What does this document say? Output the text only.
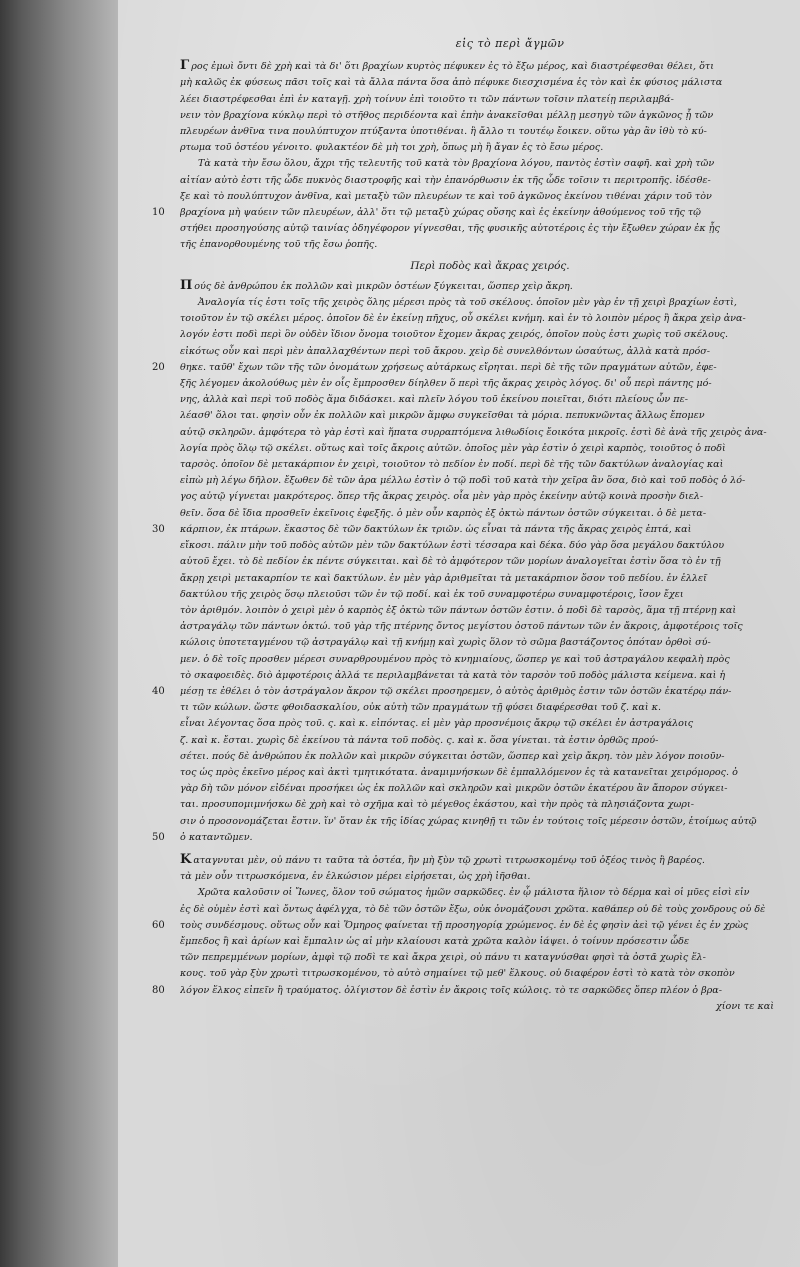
εἰς τὸ περὶ ἄγμῶν
Γ ρος ἐμωὶ ὄντι δὲ χρὴ καὶ τὰ δι' ὅτι βραχίων κυρτὸς πέφυκεν ἐς τὸ ἔξω μέρος, καὶ διαστρέφεσθαι θέλει, ὅτι
μὴ καλῶς ἐκ φύσεως πᾶσι τοῖς καὶ τὰ ἄλλα πάντα ὅσα ἀπὸ πέφυκε διεσχισμένα ἐς τὸν καὶ ἐκ φύσιος μάλιστα
λέει διαστρέφεσθαι ἐπὶ ἐν καταγῇ. χρὴ τοίνυν ἐπὶ τοιοῦτο τι τῶν πάντων τοῖσιν πλατείῃ περιλαμβά-
νειν τὸν βραχίονα κύκλῳ περὶ τὸ στῆθος περιδέοντα καὶ ἐπὴν ἀνακεῖσθαι μέλλῃ μεσηγὺ τῶν ἀγκῶνος ᾗ τῶν
πλευρέων ἀνθῖνα τινα πουλύπτυχον πτύξαντα ὑποτιθέναι. ἢ ἄλλο τι τουτέῳ ἔοικεν. οὕτω γὰρ ἂν ἰθὺ τὸ κύ-
ρτωμα τοῦ ὀστέου γένοιτο. φυλακτέον δὲ μὴ τοι χρὴ, ὅπως μὴ ἢ ἄγαν ἐς τὸ ἔσω μέρος.
Τὰ κατὰ τὴν ἔσω ὅλου, ἄχρι τῆς τελευτῆς τοῦ κατὰ τὸν βραχίονα λόγου, παντὸς ἐστὶν σαφῆ. καὶ χρὴ τῶν
αἰτίαν αὐτὸ ἐστι τῆς ὧδε πυκνὸς διαστροφῆς καὶ τὴν ἐπανόρθωσιν ἐκ τῆς ὧδε τοῖσιν τι περιτροπῆς. ἰδέσθε-
ξε καὶ τὸ πουλύπτυχον ἀνθῖνα, καὶ μεταξὺ τῶν πλευρέων τε καὶ τοῦ ἀγκῶνος ἐκείνου τιθέναι χάριν τοῦ τὸν
10 βραχίονα μὴ ψαύειν τῶν πλευρέων, ἀλλ' ὅτι τῷ μεταξὺ χώρας οὔσης καὶ ἐς ἐκείνην ἀθούμενος τοῦ τῆς τῷ
στήθει προσηγούσης αὐτῷ ταινίας ὁδηγέφορον γίγνεσθαι, τῆς φυσικῆς αὐτοτέροις ἐς τὴν ἔξωθεν χώραν ἐκ ᾗς
τῆς ἐπανορθουμένης τοῦ τῆς ἔσω ῥοπῆς.
Περὶ ποδὸς καὶ ἄκρας χειρός.
Π ούς δὲ ἀνθρώπου ἐκ πολλῶν καὶ μικρῶν ὀστέων ξύγκειται, ὥσπερ χεὶρ ἄκρη.
Ἀναλογία τίς ἐστι τοῖς τῆς χειρὸς ὅλης μέρεσι πρὸς τὰ τοῦ σκέλους. ὁποῖον μὲν γὰρ ἐν τῇ χειρὶ βραχίων ἐστὶ,
τοιοῦτον ἐν τῷ σκέλει μέρος. ὁποῖον δὲ ἐν ἐκείνῃ πῆχυς, οὗ σκέλει κνήμη. καὶ ἐν τὸ λοιπὸν μέρος ἢ ἄκρα χεὶρ ἀνα-
λογόν ἐστι ποδὶ περὶ ὃν οὐδὲν ἴδιον ὄνομα τοιοῦτον ἔχομεν ἄκρας χειρός, ὁποῖον ποὺς ἐστι χωρὶς τοῦ σκέλους.
εἰκότως οὖν καὶ περὶ μὲν ἀπαλλαχθέντων περὶ τοῦ ἄκρου. χεὶρ δὲ συνελθόντων ὡσαύτως, ἀλλὰ κατὰ πρόσ-
20 θηκε. ταῦθ' ἔχων τῶν τῆς τῶν ὀνομάτων χρήσεως αὐτάρκως εἴρηται. περὶ δὲ τῆς τῶν πραγμάτων αὐτῶν, ἐφε-
ξῆς λέγομεν ἀκολούθως μὲν ἐν οἷς ἔμπροσθεν δίηλθεν ὅ περὶ τῆς ἄκρας χειρὸς λόγος. δι' οὗ περὶ πάντης μό-
νης, ἀλλὰ καὶ περὶ τοῦ ποδὸς ἅμα διδάσκει. καὶ πλεῖν λόγου τοῦ ἐκείνου ποιεῖται, διότι πλείους ὧν πε-
λέασθ' ὅλοι ται. φησὶν οὖν ἐκ πολλῶν καὶ μικρῶν ἅμφω συγκεῖσθαι τὰ μόρια. πεπυκνῶντας ἄλλως ἔπομεν
αὐτῷ σκληρῶν. ἀμφότερα τὸ γὰρ ἐστὶ καὶ ἥπατα συρραπτόμενα λιθωδίοις ἔοικότα μικροῖς. ἐστὶ δὲ ἀνὰ τῆς χειρὸς ἀνα-
λογία πρὸς ὅλῳ τῷ σκέλει. οὕτως καὶ τοῖς ἄκροις αὐτῶν. ὁποῖος μὲν γὰρ ἐστὶν ὁ χειρὶ καρπὸς, τοιοῦτος ὁ ποδὶ
ταρσὸς. ὁποῖον δὲ μετακάρπιον ἐν χειρὶ, τοιοῦτον τὸ πεδίον ἐν ποδί. περὶ δὲ τῆς τῶν δακτύλων ἀναλογίας καὶ
εἰπὼ μὴ λέγω δῆλον. ἔξωθεν δὲ τῶν ἀρα μέλλω ἐστὶν ὁ τῷ ποδὶ τοῦ κατὰ τὴν χεῖρα ἂν ὅσα, διὸ καὶ τοῦ ποδὸς ὁ λό-
γος αὐτῷ γίγνεται μακρότερος. ὅπερ τῆς ἄκρας χειρὸς. οἷα μὲν γὰρ πρὸς ἐκείνην αὐτῷ κοινὰ προσὴν διελ-
θεῖν. ὅσα δὲ ἴδια προσθεῖν ἐκεῖνοις ἐφεξῆς. ὁ μὲν οὖν καρπὸς ἐξ ὀκτὼ πάντων ὀστῶν σύγκειται. ὁ δὲ μετα-
30 κάρπιον, ἐκ πτάρων. ἕκαστος δὲ τῶν δακτύλων ἐκ τριῶν. ὡς εἶναι τὰ πάντα τῆς ἄκρας χειρὸς ἑπτά, καὶ
εἴκοσι. πάλιν μὴν τοῦ ποδὸς αὐτῶν μὲν τῶν δακτύλων ἐστὶ τέσσαρα καὶ δέκα. δύο γὰρ ὅσα μεγάλου δακτύλου
αὐτοῦ ἔχει. τὸ δὲ πεδίον ἐκ πέντε σύγκειται. καὶ δὲ τὸ ἀμφότερον τῶν μορίων ἀναλογεῖται ἐστὶν ὅσα τὸ ἐν τῇ
ἄκρῃ χειρὶ μετακαρπίον τε καὶ δακτύλων. ἐν μὲν γὰρ ἀριθμεῖται τὰ μετακάρπιον ὅσον τοῦ πεδίου. ἐν ἐλλεῖ
δακτύλου τῆς χειρὸς ὅσῳ πλειοῦσι τῶν ἐν τῷ ποδί. καὶ ἐκ τοῦ συναμφοτέρω συναμφοτέροις, ἴσον ἔχει
τὸν ἀριθμόν. λοιπὸν ὁ χειρὶ μὲν ὁ καρπὸς ἐξ ὀκτὼ τῶν πάντων ὀστῶν ἐστιν. ὁ ποδὶ δὲ ταρσὸς, ἅμα τῇ πτέρνῃ καὶ
ἀστραγάλῳ τῶν πάντων ὀκτώ. τοῦ γὰρ τῆς πτέρνης ὄντος μεγίστου ὀστοῦ πάντων τῶν ἐν ἄκροις, ἀμφοτέροις τοῖς
κώλοις ὑποτεταγμένου τῷ ἀστραγάλῳ καὶ τῇ κνήμῃ καὶ χωρὶς ὅλον τὸ σῶμα βαστάζοντος ὁπόταν ὀρθοὶ σύ-
μεν. ὁ δὲ τοῖς προσθεν μέρεσι συναρθρουμένου πρὸς τὸ κνημιαίους, ὥσπερ γε καὶ τοῦ ἀστραγάλου κεφαλὴ πρὸς
τὸ σκαφοειδὲς. διὸ ἀμφοτέροις ἀλλά τε περιλαμβάνεται τὰ κατὰ τὸν ταρσὸν τοῦ ποδὸς μάλιστα κείμενα. καὶ ἡ
40 μέσῃ τε ἐθέλει ὁ τὸν ἀστράγαλον ἄκρον τῷ σκέλει προσηρεμεν, ὁ αὐτὸς ἀριθμὸς ἐστιν τῶν ὀστῶν ἐκατέρῳ πάν-
τι τῶν κώλων. ὥστε φθοιδασκαλίου, οὐκ αὐτὴ τῶν πραγμάτων τῇ φύσει διαφέρεσθαι τοῦ ζ. καὶ κ.
εἶναι λέγοντας ὅσα πρὸς τοῦ. ς. καὶ κ. εἰπόντας. εἰ μὲν γὰρ προσνέμοις ἄκρῳ τῷ σκέλει ἐν ἀστραγάλοις
ζ. καὶ κ. ἔσται. χωρὶς δὲ ἐκείνου τὰ πάντα τοῦ ποδὸς. ς. καὶ κ. ὅσα γίνεται. τὰ ἐστιν ὀρθῶς πρού-
σέτει. πούς δὲ ἀνθρώπου ἐκ πολλῶν καὶ μικρῶν σύγκειται ὀστῶν, ὥσπερ καὶ χεὶρ ἄκρη. τὸν μὲν λόγον ποιοῦν-
τος ὡς πρὸς ἐκεῖνο μέρος καὶ ἀκτὶ τμητικότατα. ἀναμιμνήσκων δὲ ἐμπαλλόμενον ἐς τὰ κατανεῖται χειρόμορος. ὁ
γὰρ δὴ τῶν μόνον εἰδέναι προσήκει ὡς ἐκ πολλῶν καὶ σκληρῶν καὶ μικρῶν ὀστῶν ἑκατέρου ἂν ἄπορον σύγκει-
ται. προσυπομιμνήσκω δὲ χρὴ καὶ τὸ σχῆμα καὶ τὸ μέγεθος ἑκάστου, καὶ τὴν πρὸς τὰ πλησιάζοντα χωρι-
σιν ὁ προσονομάζεται ἔστιν. ἵν' ὅταν ἐκ τῆς ἰδίας χώρας κινηθῇ τι τῶν ἐν τούτοις τοῖς μέρεσιν ὀστῶν, ἑτοίμως αὐτῷ
50 ὁ καταντῶμεν.
Κ αταγνυται μὲν, οὐ πάνυ τι ταῦτα τὰ ὀστέα, ἢν μὴ ξὺν τῷ χρωτὶ τιτρωσκομένῳ τοῦ ὀξέος τινὸς ἢ βαρέος.
τὰ μὲν οὖν τιτρωσκόμενα, ἐν ἑλκώσιον μέρει εἰρήσεται, ὡς χρὴ ἰῆσθαι.
Χρῶτα καλοῦσιν οἱ Ἴωνες, ὅλον τοῦ σώματος ἡμῶν σαρκῶδες. ἐν ᾧ μάλιστα ἥλιον τὸ δέρμα καὶ οἱ μῦες εἰσὶ εἰν
ἐς δὲ οὐμὲν ἐστὶ καὶ ὄντως ἀφέλγχα, τὸ δὲ τῶν ὀστῶν ἔξω, οὐκ ὀνομάζουσι χρῶτα. καθάπερ οὐ δὲ τοὺς χονδρους οὐ δὲ
60 τοὺς συνδέσμους. οὕτως οὖν καὶ Ὅμηρος φαίνεται τῇ προσηγορίᾳ χρώμενος. ἐν δὲ ἐς φησὶν ἀεὶ τῷ γένει ἐς ἐν χρὼς
ἔμπεδος ἢ καὶ ἀρίων καὶ ἔμπαλιν ὡς αἰ μὴν κλαίουσι κατὰ χρῶτα καλὸν ἰάψει. ὁ τοίνυν πρόσεστιν ὧδε
τῶν πεπρεμμένων μορίων, ἀμφὶ τῷ ποδὶ τε καὶ ἄκρα χειρὶ, οὐ πάνυ τι καταγνύσθαι φησὶ τὰ ὀστᾶ χωρὶς ἕλ-
κους. τοῦ γὰρ ξὺν χρωτὶ τιτρωσκομένου, τὸ αὐτὸ σημαίνει τῷ μεθ' ἕλκους. οὐ διαφέρον ἐστὶ τὸ κατὰ τὸν σκοπὸν
80 λόγον ἕλκος εἰπεῖν ἢ τραύματος. ὀλίγιστον δὲ ἐστὶν ἐν ἄκροις τοῖς κώλοις. τὸ τε σαρκῶδες ὅπερ πλέον ὁ βρα-
χίονι τε καὶ
